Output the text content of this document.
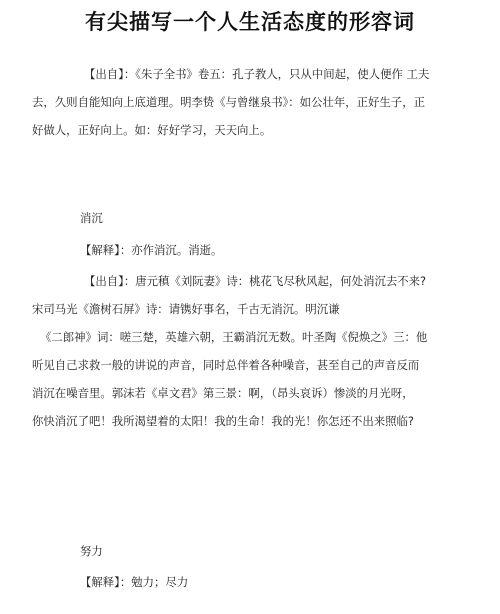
有尖描写一个人生活态度的形容词

【出自】：《朱子全书》卷五：孔子教人，只从中间起，使人便作 工夫

去，久则自能知向上底道理。明李贽《与曾继泉书》：如公壮年，正好生子，正

好做人，正好向上。如：好好学习，天天向上。

消沉

【解释】：亦作消沉。消逝。

【出自】：唐元稹《刘阮妻》诗：桃花飞尽秋风起，何处消沉去不来?

宋司马光《澹树石屏》诗：请镌好事名，千古无消沉。明沉谦

《二郎神》词：嗟三楚，英雄六朝，王霸消沉无数。叶圣陶《倪焕之》三：他

听见自己求救一般的讲说的声音，同时总伴着各种噪音，甚至自己的声音反而

消沉在噪音里。郭沫若《卓文君》第三景：啊，（昂头哀诉）惨淡的月光呀，

你快消沉了吧！我所渴望着的太阳！我的生命！我的光！你怎还不出来照临?

努力

【解释】：勉力；尽力
